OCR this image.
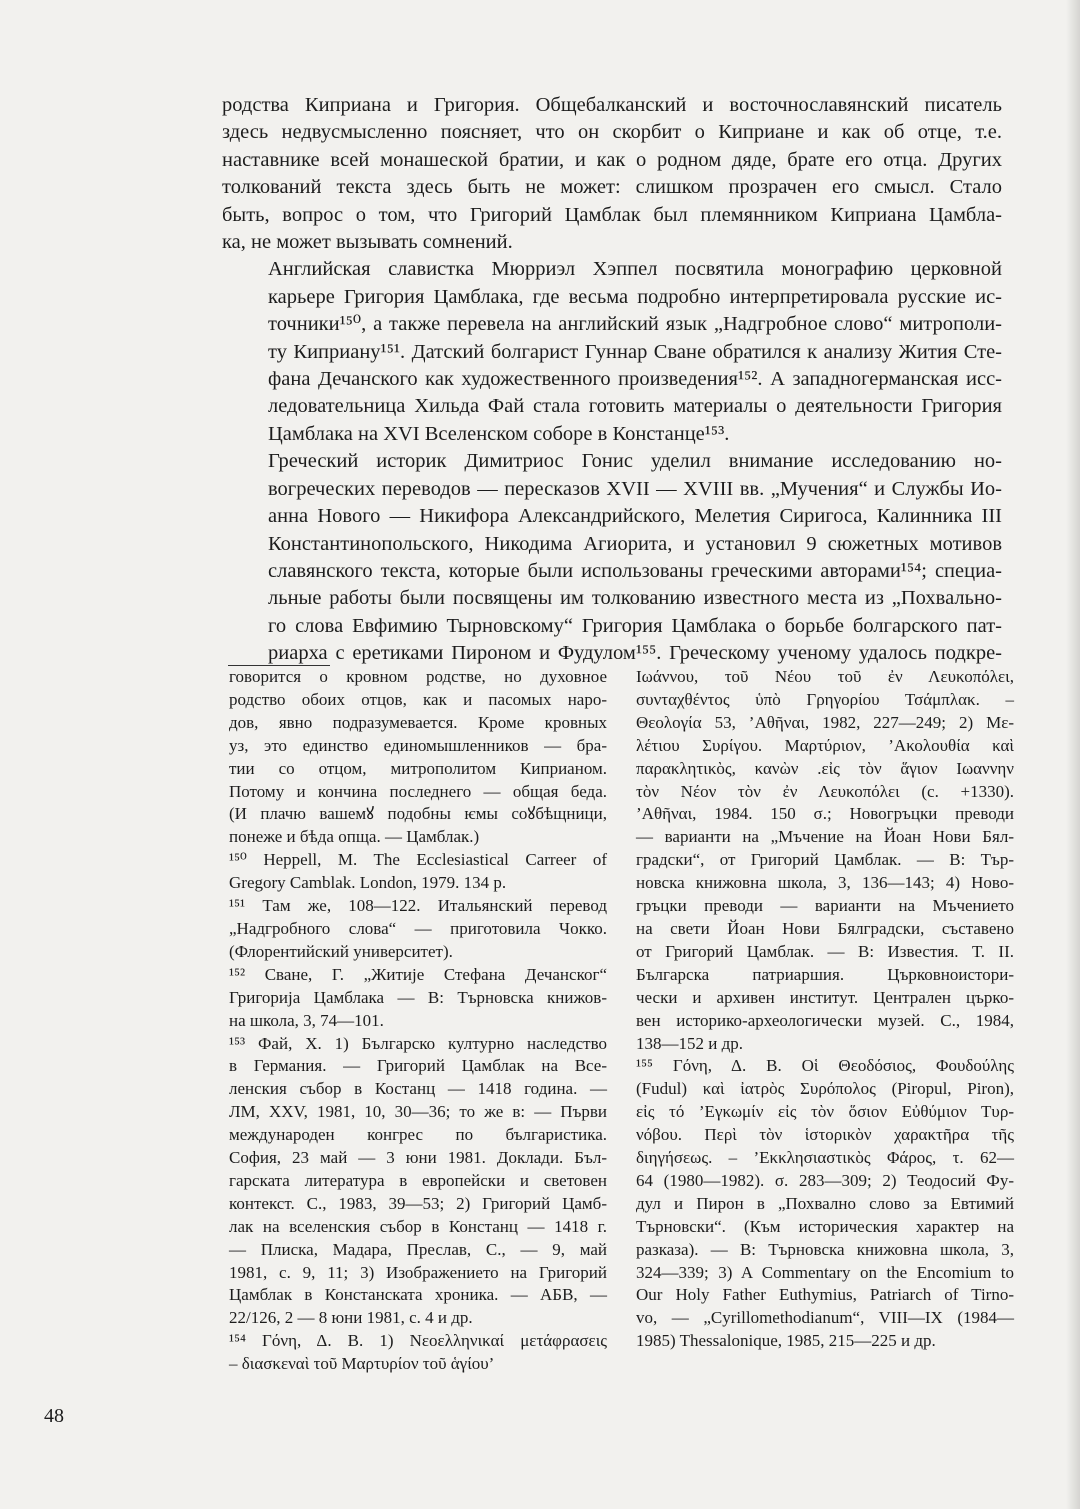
родства Киприана и Григория. Общебалканский и восточнославянский писатель
здесь недвусмысленно поясняет, что он скорбит о Киприане и как об отце, т.е.
наставнике всей монашеской братии, и как о родном дяде, брате его отца. Других
толкований текста здесь быть не может: слишком прозрачен его смысл. Стало
быть, вопрос о том, что Григорий Цамблак был племянником Киприана Цамбла-
ка, не может вызывать сомнений.

Английская славистка Мюрриэл Хэппел посвятила монографию церковной
карьере Григория Цамблака, где весьма подробно интерпретировала русские ис-
точники¹⁵⁰, а также перевела на английский язык „Надгробное слово“ митрополи-
ту Киприану¹⁵¹. Датский болгарист Гуннар Сване обратился к анализу Жития Сте-
фана Дечанского как художественного произведения¹⁵². А западногерманская исс-
ледовательница Хильда Фай стала готовить материалы о деятельности Григория
Цамблака на XVI Вселенском соборе в Констанце¹⁵³.

Греческий историк Димитриос Гонис уделил внимание исследованию но-
вогреческих переводов — пересказов XVII — XVIII вв. „Мучения“ и Службы Ио-
анна Нового — Никифора Александрийского, Мелетия Сиригоса, Калинника III
Константинопольского, Никодима Агиорита, и установил 9 сюжетных мотивов
славянского текста, которые были использованы греческими авторами¹⁵⁴; специа-
льные работы были посвящены им толкованию известного места из „Похвально-
го слова Евфимию Тырновскому“ Григория Цамблака о борьбе болгарского пат-
риарха с еретиками Пироном и Фудулом¹⁵⁵. Греческому ученому удалось подкре-

говорится о кровном родстве, но духовное
родство обоих отцов, как и пасомых наро-
дов, явно подразумевается. Кроме кровных
уз, это единство единомышленников — бра-
тии со отцом, митрополитом Киприаном.
Потому и кончина последнего — общая беда.
(И плачю вашемꙋ подобны ѥмы соꙋбѣщници,
понеже и бѣда опща. — Цамблак.)
¹⁵⁰ Heppell, M. The Ecclesiastical Carreer of
Gregory Camblak. London, 1979. 134 p.
¹⁵¹ Там же, 108—122. Итальянский перевод
„Надгробного слова“ — приготовила Чокко.
(Флорентийский университет).
¹⁵² Сване, Г. „Житије Стефана Дечанског“
Григорија Цамблака — В: Търновска книжов-
на школа, 3, 74—101.
¹⁵³ Фай, Х. 1) Българско културно наследство
в Германия. — Григорий Цамблак на Все-
ленския събор в Костанц — 1418 година. —
ЛМ, XXV, 1981, 10, 30—36; то же в: — Първи
международен конгрес по българистика.
София, 23 май — 3 юни 1981. Доклади. Бъл-
гарската литература в европейски и световен
контекст. С., 1983, 39—53; 2) Григорий Цамб-
лак на вселенския събор в Констанц — 1418 г.
— Плиска, Мадара, Преслав, С., — 9, май
1981, с. 9, 11; 3) Изображението на Григорий
Цамблак в Констанската хроника. — АБВ, —
22/126, 2 — 8 юни 1981, с. 4 и др.
¹⁵⁴ Γόνη, Δ. Β. 1) Νεοελληνικαί μετάφρασεις
– διασκεναὶ τοῦ Μαρτυρίον τοῦ ἁγίου’
Ιωάννου, τοῦ Νέου τοῦ ἐν Λευκοπόλει,
συνταχθέντος ὑπὸ Γρηγορίου Τσάμπλακ. –
Θεολογία 53, ’Αθῆναι, 1982, 227—249; 2) Με-
λέτιου Συρίγου. Μαρτύριον, ’Ακολουθία καὶ
παρακλητικὸς, κανὼν .εἰς τὸν ἅγιον Ιωαννην
τὸν Νέον τὸν ἐν Λευκοπόλει (c. +1330).
’Αθῆναι, 1984. 150 σ.; Новогръцки преводи
— варианти на „Мъчение на Йоан Нови Бял-
градски“, от Григорий Цамблак. — В: Тър-
новска книжовна школа, 3, 136—143; 4) Ново-
гръцки преводи — варианти на Мъчението
на свети Йоан Нови Бялградски, съставено
от Григорий Цамблак. — В: Известия. Т. II.
Българска патриаршия. Църковноистори-
чески и архивен институт. Централен църко-
вен историко-археологически музей. С., 1984,
138—152 и др.
¹⁵⁵ Γόνη, Δ. Β. Οἱ Θεοδόσιος, Φουδούλης
(Fudul) καὶ ἰατρὸς Συρόπολος (Piropul, Piron),
εἰς τό ’Εγκωμίν εἰς τὸν ὅσιον Εὐθύμιον Τυρ-
νόβου. Περὶ τὸν ἱστορικὸν χαρακτῆρα τῆς
διηγήσεως. – ’Εκκλησιαστικὸς Φάρος, τ. 62—
64 (1980—1982). σ. 283—309; 2) Теодосий Фу-
дул и Пирон в „Похвално слово за Евтимий
Търновски“. (Към историческия характер на
разказа). — В: Търновска книжовна школа, 3,
324—339; 3) A Commentary on the Encomium to
Our Holy Father Euthymius, Patriarch of Tirno-
vo, — „Cyrillomethodianum“, VIII—IX (1984—
1985) Thessalonique, 1985, 215—225 и др.
48
